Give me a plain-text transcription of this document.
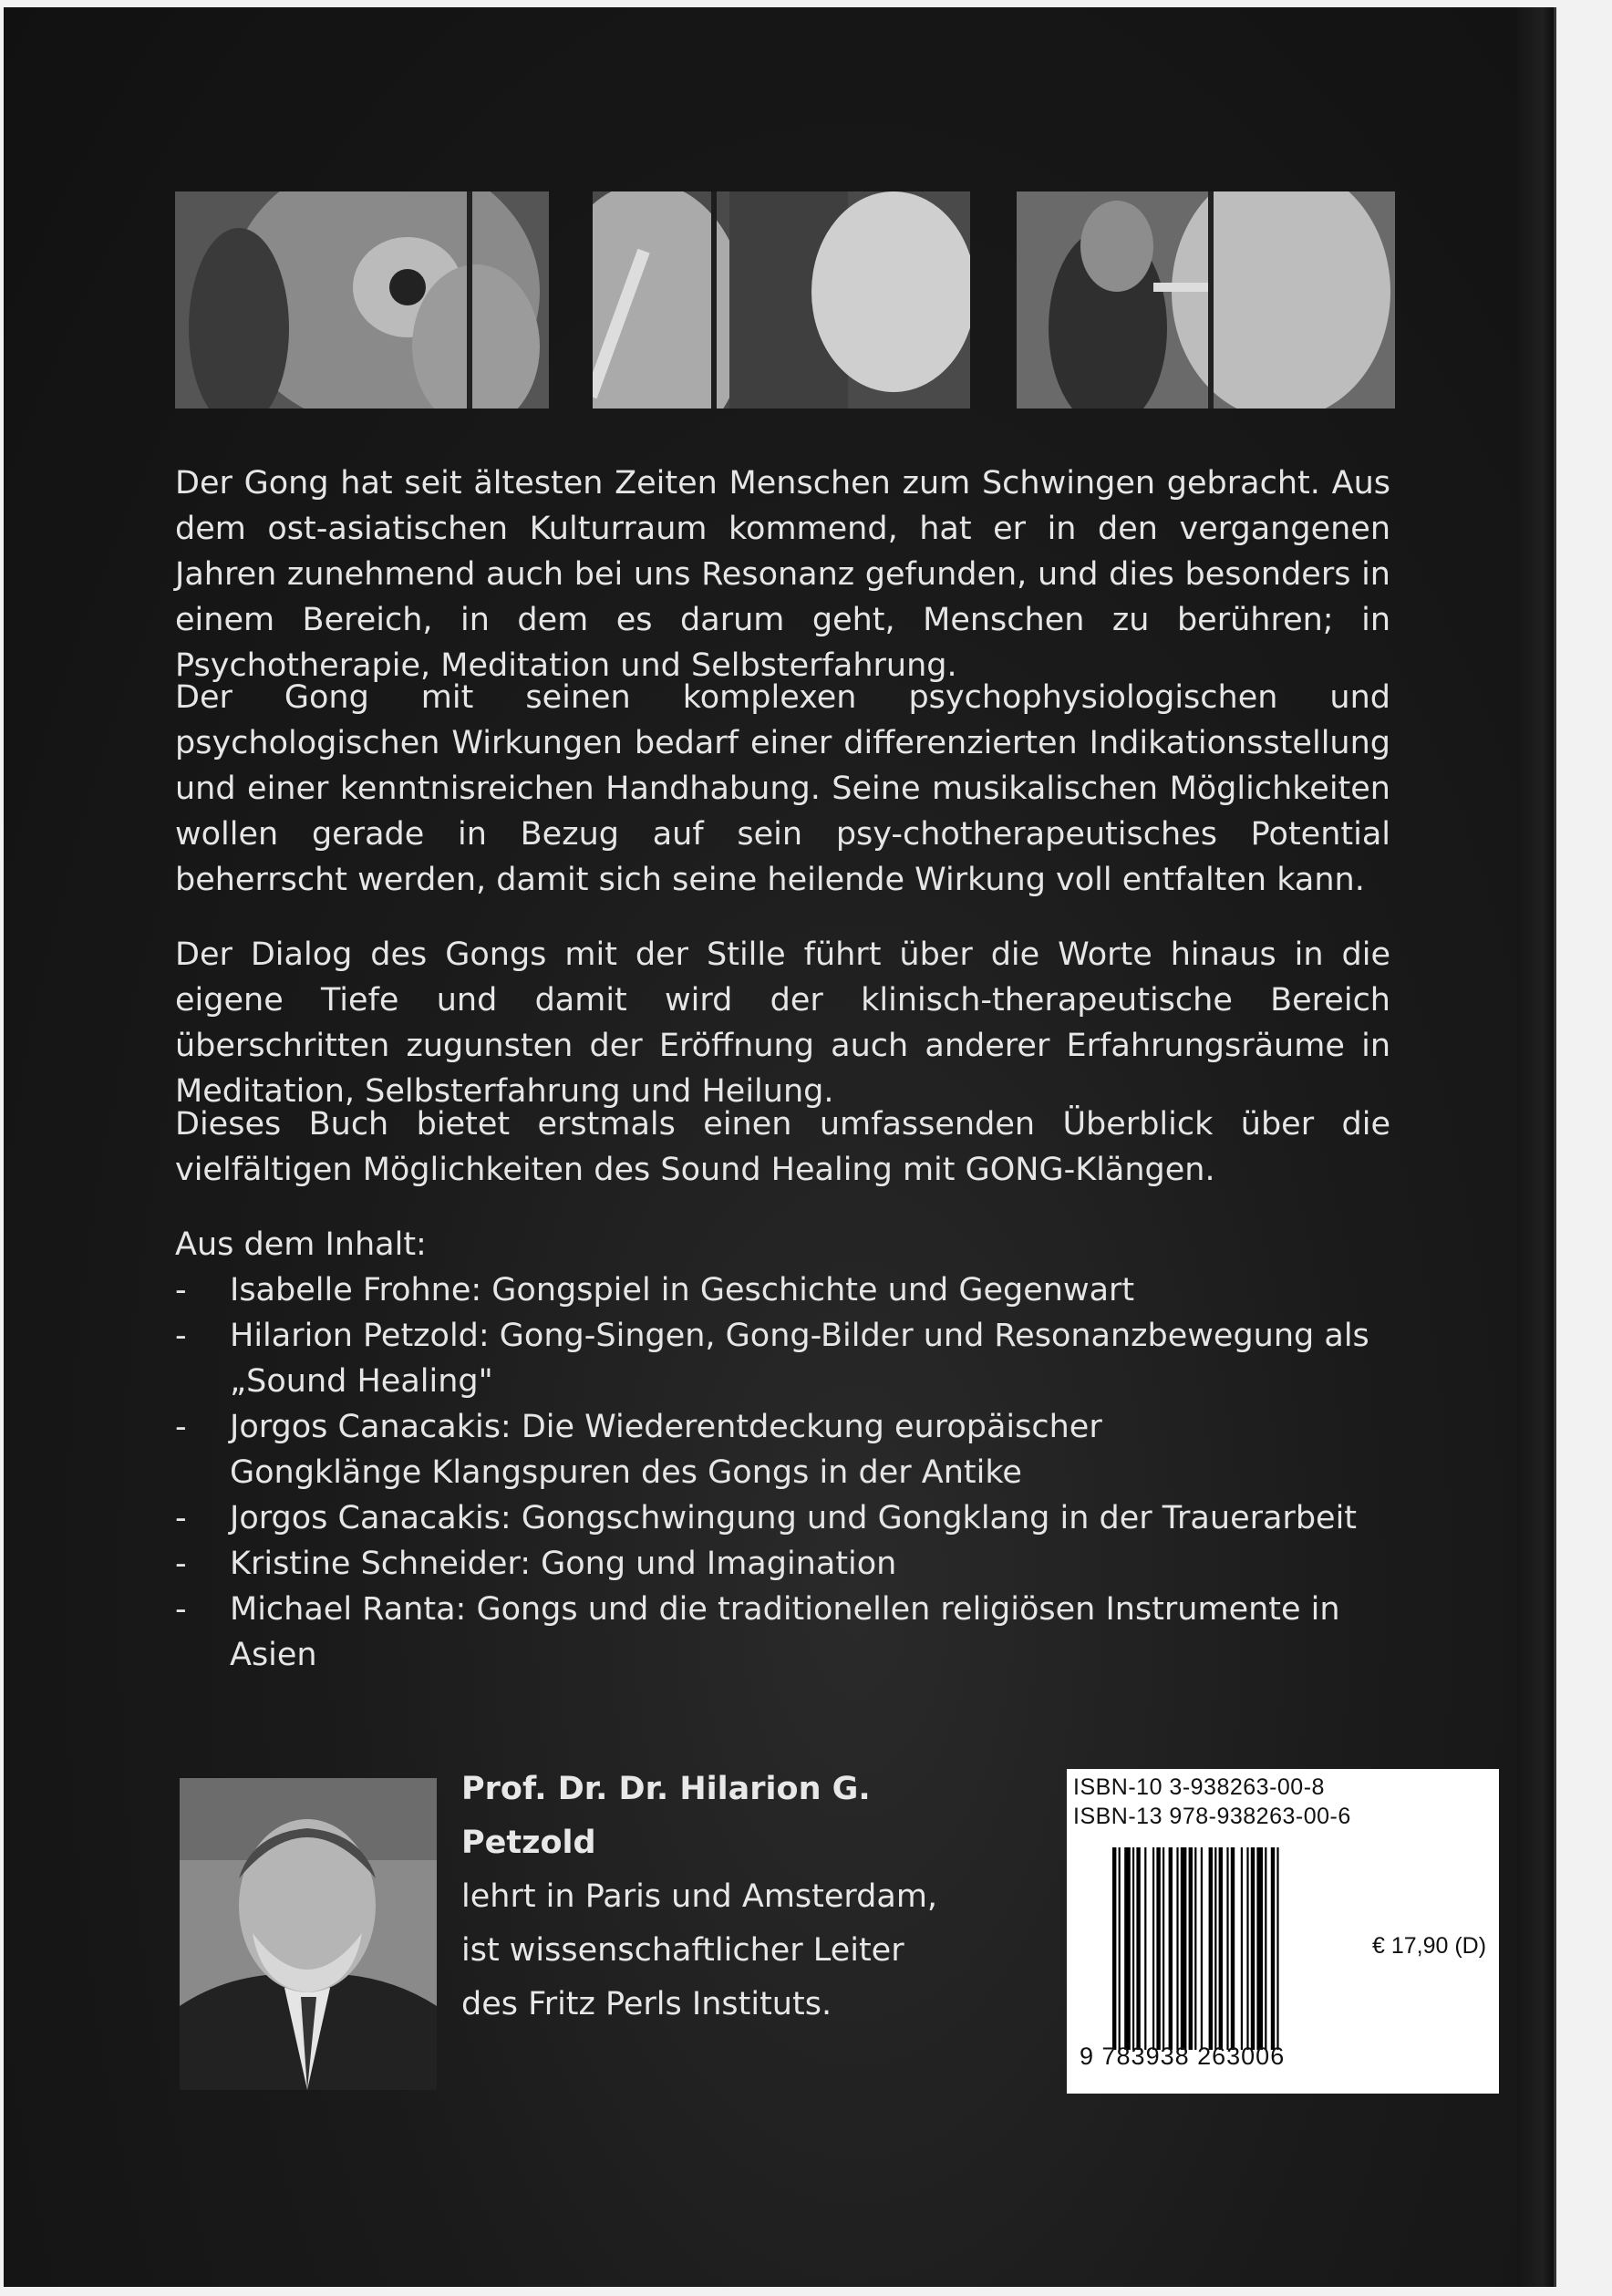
Der Gong hat seit ältesten Zeiten Menschen zum Schwingen gebracht. Aus dem ost-asiatischen Kulturraum kommend, hat er in den vergangenen Jahren zunehmend auch bei uns Resonanz gefunden, und dies besonders in einem Bereich, in dem es darum geht, Menschen zu berühren; in Psychotherapie, Meditation und Selbsterfahrung.

Der Gong mit seinen komplexen psychophysiologischen und psychologischen Wirkungen bedarf einer differenzierten Indikationsstellung und einer kenntnisreichen Handhabung. Seine musikalischen Möglichkeiten wollen gerade in Bezug auf sein psy-chotherapeutisches Potential beherrscht werden, damit sich seine heilende Wirkung voll entfalten kann.

Der Dialog des Gongs mit der Stille führt über die Worte hinaus in die eigene Tiefe und damit wird der klinisch-therapeutische Bereich überschritten zugunsten der Eröffnung auch anderer Erfahrungsräume in Meditation, Selbsterfahrung und Heilung.

Dieses Buch bietet erstmals einen umfassenden Überblick über die vielfältigen Möglichkeiten des Sound Healing mit GONG-Klängen.

Aus dem Inhalt:
-	Isabelle Frohne: Gongspiel in Geschichte und Gegenwart
-	Hilarion Petzold: Gong-Singen, Gong-Bilder und Resonanzbewegung als „Sound Healing"
-	Jorgos Canacakis: Die Wiederentdeckung europäischer Gongklänge Klangspuren des Gongs in der Antike
-	Jorgos Canacakis: Gongschwingung und Gongklang in der Trauerarbeit
-	Kristine Schneider: Gong und Imagination
-	Michael Ranta: Gongs und die traditionellen religiösen Instrumente in Asien
Prof. Dr. Dr. Hilarion G. Petzold
lehrt in Paris und Amsterdam, ist wissenschaftlicher Leiter des Fritz Perls Instituts.
ISBN-10 3-938263-00-8
ISBN-13 978-938263-00-6
€ 17,90 (D)
9 783938 263006
